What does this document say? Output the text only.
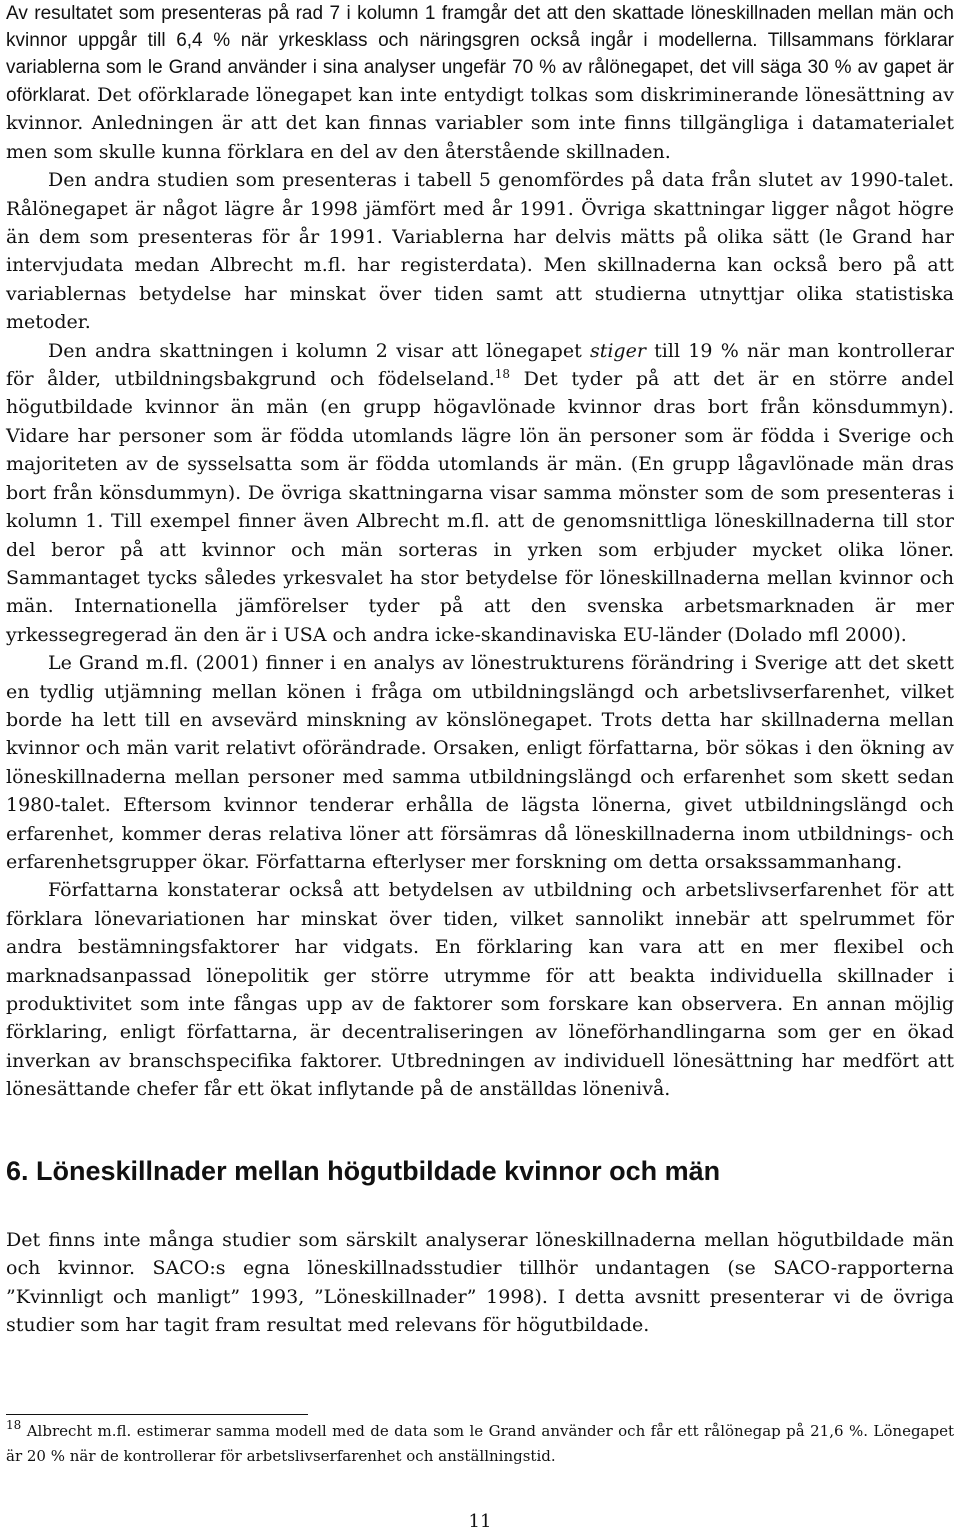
Av resultatet som presenteras på rad 7 i kolumn 1 framgår det att den skattade löneskillnaden mellan män och kvinnor uppgår till 6,4 % när yrkesklass och näringsgren också ingår i modellerna. Tillsammans förklarar variablerna som le Grand använder i sina analyser ungefär 70 % av rålönegapet, det vill säga 30 % av gapet är oförklarat. Det oförklarade lönegapet kan inte entydigt tolkas som diskriminerande lönesättning av kvinnor. Anledningen är att det kan finnas variabler som inte finns tillgängliga i datamaterialet men som skulle kunna förklara en del av den återstående skillnaden.

Den andra studien som presenteras i tabell 5 genomfördes på data från slutet av 1990-talet. Rålönegapet är något lägre år 1998 jämfört med år 1991. Övriga skattningar ligger något högre än dem som presenteras för år 1991. Variablerna har delvis mätts på olika sätt (le Grand har intervjudata medan Albrecht m.fl. har registerdata). Men skillnaderna kan också bero på att variablernas betydelse har minskat över tiden samt att studierna utnyttjar olika statistiska metoder.

Den andra skattningen i kolumn 2 visar att lönegapet stiger till 19 % när man kontrollerar för ålder, utbildningsbakgrund och födelseland.$^{18}$ Det tyder på att det är en större andel högutbildade kvinnor än män (en grupp högavlönade kvinnor dras bort från könsdummyn). Vidare har personer som är födda utomlands lägre lön än personer som är födda i Sverige och majoriteten av de sysselsatta som är födda utomlands är män. (En grupp lågavlönade män dras bort från könsdummyn). De övriga skattningarna visar samma mönster som de som presenteras i kolumn 1. Till exempel finner även Albrecht m.fl. att de genomsnittliga löneskillnaderna till stor del beror på att kvinnor och män sorteras in yrken som erbjuder mycket olika löner. Sammantaget tycks således yrkesvalet ha stor betydelse för löneskillnaderna mellan kvinnor och män. Internationella jämförelser tyder på att den svenska arbetsmarknaden är mer yrkessegregerad än den är i USA och andra icke-skandinaviska EU-länder (Dolado mfl 2000).

Le Grand m.fl. (2001) finner i en analys av lönestrukturens förändring i Sverige att det skett en tydlig utjämning mellan könen i fråga om utbildningslängd och arbetslivserfarenhet, vilket borde ha lett till en avsevärd minskning av könslönegapet. Trots detta har skillnaderna mellan kvinnor och män varit relativt oförändrade. Orsaken, enligt författarna, bör sökas i den ökning av löneskillnaderna mellan personer med samma utbildningslängd och erfarenhet som skett sedan 1980-talet. Eftersom kvinnor tenderar erhålla de lägsta lönerna, givet utbildningslängd och erfarenhet, kommer deras relativa löner att försämras då löneskillnaderna inom utbildnings- och erfarenhetsgrupper ökar. Författarna efterlyser mer forskning om detta orsakssammanhang.

Författarna konstaterar också att betydelsen av utbildning och arbetslivserfarenhet för att förklara lönevariationen har minskat över tiden, vilket sannolikt innebär att spelrummet för andra bestämningsfaktorer har vidgats. En förklaring kan vara att en mer flexibel och marknadsanpassad lönepolitik ger större utrymme för att beakta individuella skillnader i produktivitet som inte fångas upp av de faktorer som forskare kan observera. En annan möjlig förklaring, enligt författarna, är decentraliseringen av löneförhandlingarna som ger en ökad inverkan av branschspecifika faktorer. Utbredningen av individuell lönesättning har medfört att lönesättande chefer får ett ökat inflytande på de anställdas lönenivå.

6. Löneskillnader mellan högutbildade kvinnor och män

Det finns inte många studier som särskilt analyserar löneskillnaderna mellan högutbildade män och kvinnor. SACO:s egna löneskillnadsstudier tillhör undantagen (se SACO-rapporterna ”Kvinnligt och manligt” 1993, ”Löneskillnader” 1998). I detta avsnitt presenterar vi de övriga studier som har tagit fram resultat med relevans för högutbildade.

$^{18}$ Albrecht m.fl. estimerar samma modell med de data som le Grand använder och får ett rålönegap på 21,6 %. Lönegapet är 20 % när de kontrollerar för arbetslivserfarenhet och anställningstid.

11
